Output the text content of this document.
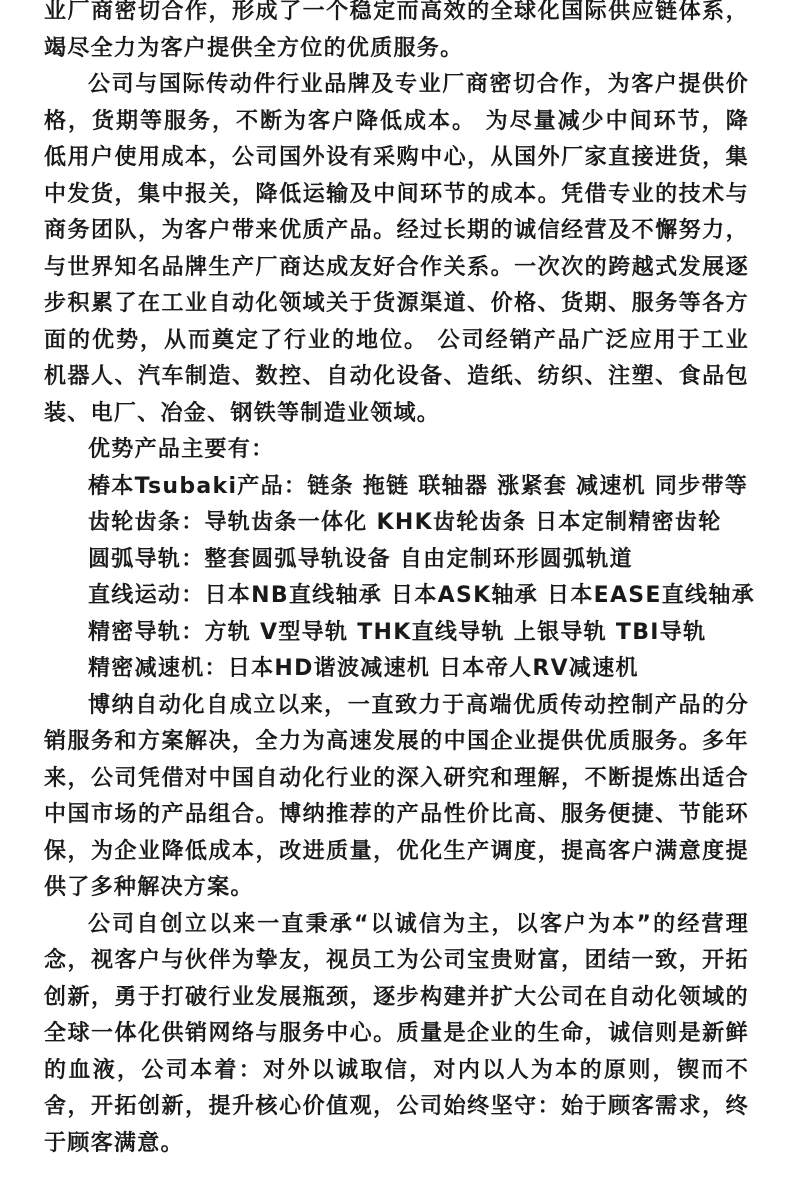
业厂商密切合作，形成了一个稳定而高效的全球化国际供应链体系，竭尽全力为客户提供全方位的优质服务。

公司与国际传动件行业品牌及专业厂商密切合作，为客户提供价格，货期等服务，不断为客户降低成本。 为尽量减少中间环节，降低用户使用成本，公司国外设有采购中心，从国外厂家直接进货，集中发货，集中报关，降低运输及中间环节的成本。凭借专业的技术与商务团队，为客户带来优质产品。经过长期的诚信经营及不懈努力，与世界知名品牌生产厂商达成友好合作关系。一次次的跨越式发展逐步积累了在工业自动化领域关于货源渠道、价格、货期、服务等各方面的优势，从而奠定了行业的地位。 公司经销产品广泛应用于工业机器人、汽车制造、数控、自动化设备、造纸、纺织、注塑、食品包装、电厂、冶金、钢铁等制造业领域。

优势产品主要有：
椿本Tsubaki产品：链条 拖链 联轴器 涨紧套 减速机 同步带等
齿轮齿条：导轨齿条一体化 KHK齿轮齿条 日本定制精密齿轮
圆弧导轨：整套圆弧导轨设备 自由定制环形圆弧轨道
直线运动：日本NB直线轴承 日本ASK轴承 日本EASE直线轴承
精密导轨：方轨 V型导轨 THK直线导轨 上银导轨 TBI导轨
精密减速机：日本HD谐波减速机 日本帝人RV减速机

博纳自动化自成立以来，一直致力于高端优质传动控制产品的分销服务和方案解决，全力为高速发展的中国企业提供优质服务。多年来，公司凭借对中国自动化行业的深入研究和理解，不断提炼出适合中国市场的产品组合。博纳推荐的产品性价比高、服务便捷、节能环保，为企业降低成本，改进质量，优化生产调度，提高客户满意度提供了多种解决方案。

公司自创立以来一直秉承“以诚信为主，以客户为本”的经营理念，视客户与伙伴为挚友，视员工为公司宝贵财富，团结一致，开拓创新，勇于打破行业发展瓶颈，逐步构建并扩大公司在自动化领域的全球一体化供销网络与服务中心。质量是企业的生命，诚信则是新鲜的血液，公司本着：对外以诚取信，对内以人为本的原则，锲而不舍，开拓创新，提升核心价值观，公司始终坚守：始于顾客需求，终于顾客满意。
